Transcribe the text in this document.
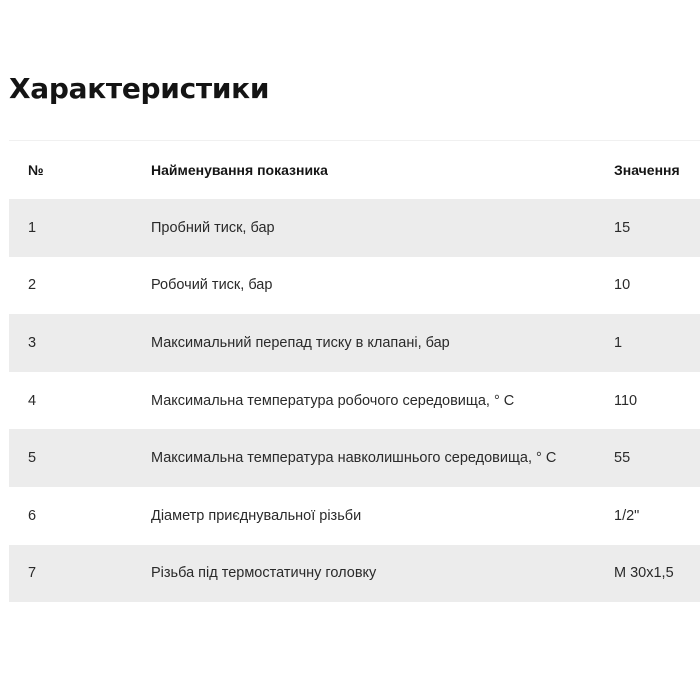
Характеристики
№	Найменування показника	Значення
1	Пробний тиск, бар	15
2	Робочий тиск, бар	10
3	Максимальний перепад тиску в клапані, бар	1
4	Максимальна температура робочого середовища, ° С	110
5	Максимальна температура навколишнього середовища, ° С	55
6	Діаметр приєднувальної різьби	1/2"
7	Різьба під термостатичну головку	М 30x1,5
